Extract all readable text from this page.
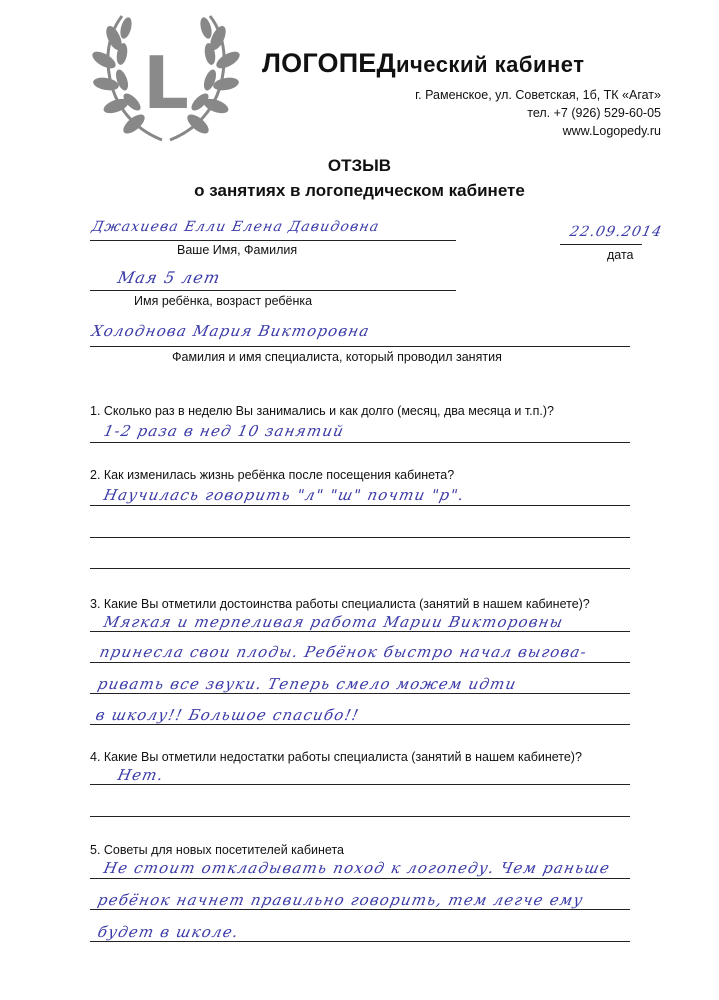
L	ЛОГОПЕДический кабинет
г. Раменское, ул. Советская, 1б, ТК «Агат»
тел. +7 (926) 529-60-05
www.Logopedy.ru
ОТЗЫВ
о занятиях в логопедическом кабинете
Джахиева Елли Елена Давидовна
Ваше Имя, Фамилия
22.09.2014
дата
Мая 5 лет
Имя ребёнка, возраст ребёнка
Холоднова Мария Викторовна
Фамилия и имя специалиста, который проводил занятия
1. Сколько раз в неделю Вы занимались и как долго (месяц, два месяца и т.п.)?
1-2 раза в нед 10 занятий
2. Как изменилась жизнь ребёнка после посещения кабинета?
Научилась говорить "л" "ш" почти "р".
3. Какие Вы отметили достоинства работы специалиста (занятий в нашем кабинете)?
Мягкая и терпеливая работа Марии Викторовны
принесла свои плоды. Ребёнок быстро начал выгова-
ривать все звуки. Теперь смело можем идти
в школу!! Большое спасибо!!
4. Какие Вы отметили недостатки работы специалиста (занятий в нашем кабинете)?
Нет.
5. Советы для новых посетителей кабинета
Не стоит откладывать поход к логопеду. Чем раньше
ребёнок начнет правильно говорить, тем легче ему
будет в школе.
